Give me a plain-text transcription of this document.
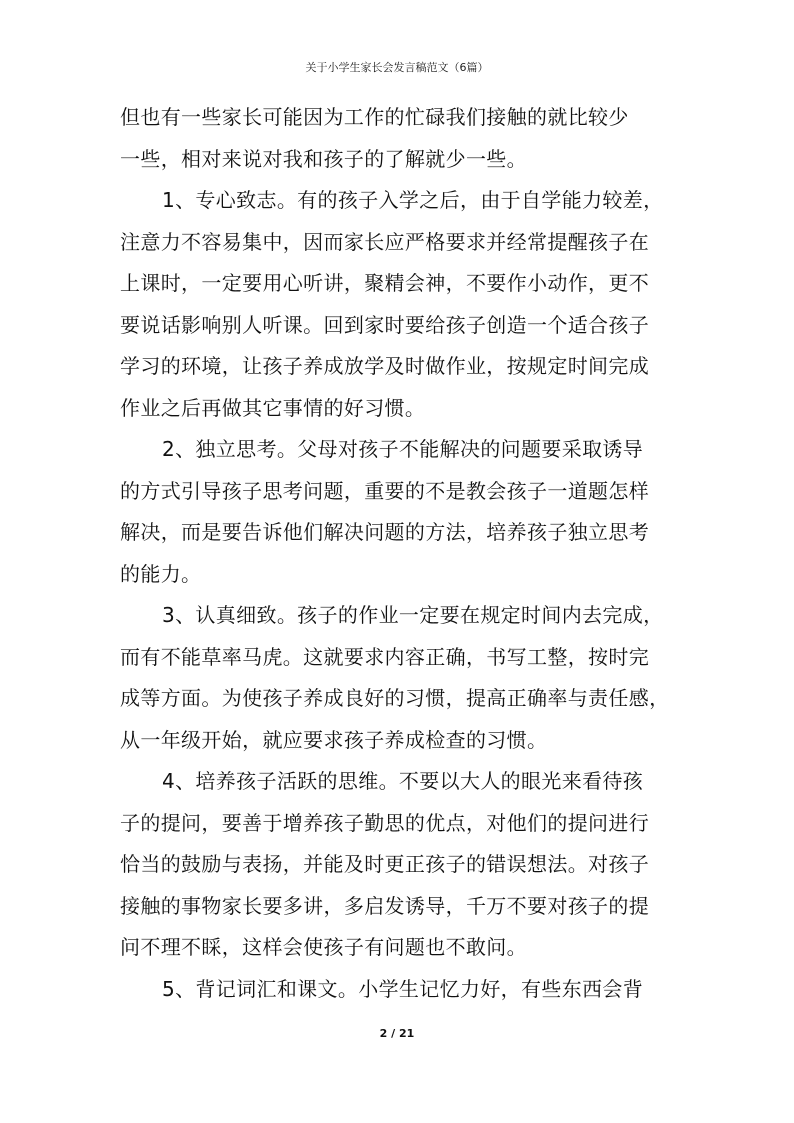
关于小学生家长会发言稿范文（6篇）
但也有一些家长可能因为工作的忙碌我们接触的就比较少
一些，相对来说对我和孩子的了解就少一些。
1、专心致志。有的孩子入学之后，由于自学能力较差，
注意力不容易集中，因而家长应严格要求并经常提醒孩子在
上课时，一定要用心听讲，聚精会神，不要作小动作，更不
要说话影响别人听课。回到家时要给孩子创造一个适合孩子
学习的环境，让孩子养成放学及时做作业，按规定时间完成
作业之后再做其它事情的好习惯。
2、独立思考。父母对孩子不能解决的问题要采取诱导
的方式引导孩子思考问题，重要的不是教会孩子一道题怎样
解决，而是要告诉他们解决问题的方法，培养孩子独立思考
的能力。
3、认真细致。孩子的作业一定要在规定时间内去完成，
而有不能草率马虎。这就要求内容正确，书写工整，按时完
成等方面。为使孩子养成良好的习惯，提高正确率与责任感，
从一年级开始，就应要求孩子养成检查的习惯。
4、培养孩子活跃的思维。不要以大人的眼光来看待孩
子的提问，要善于增养孩子勤思的优点，对他们的提问进行
恰当的鼓励与表扬，并能及时更正孩子的错误想法。对孩子
接触的事物家长要多讲，多启发诱导，千万不要对孩子的提
问不理不睬，这样会使孩子有问题也不敢问。
5、背记词汇和课文。小学生记忆力好，有些东西会背
2 / 21
